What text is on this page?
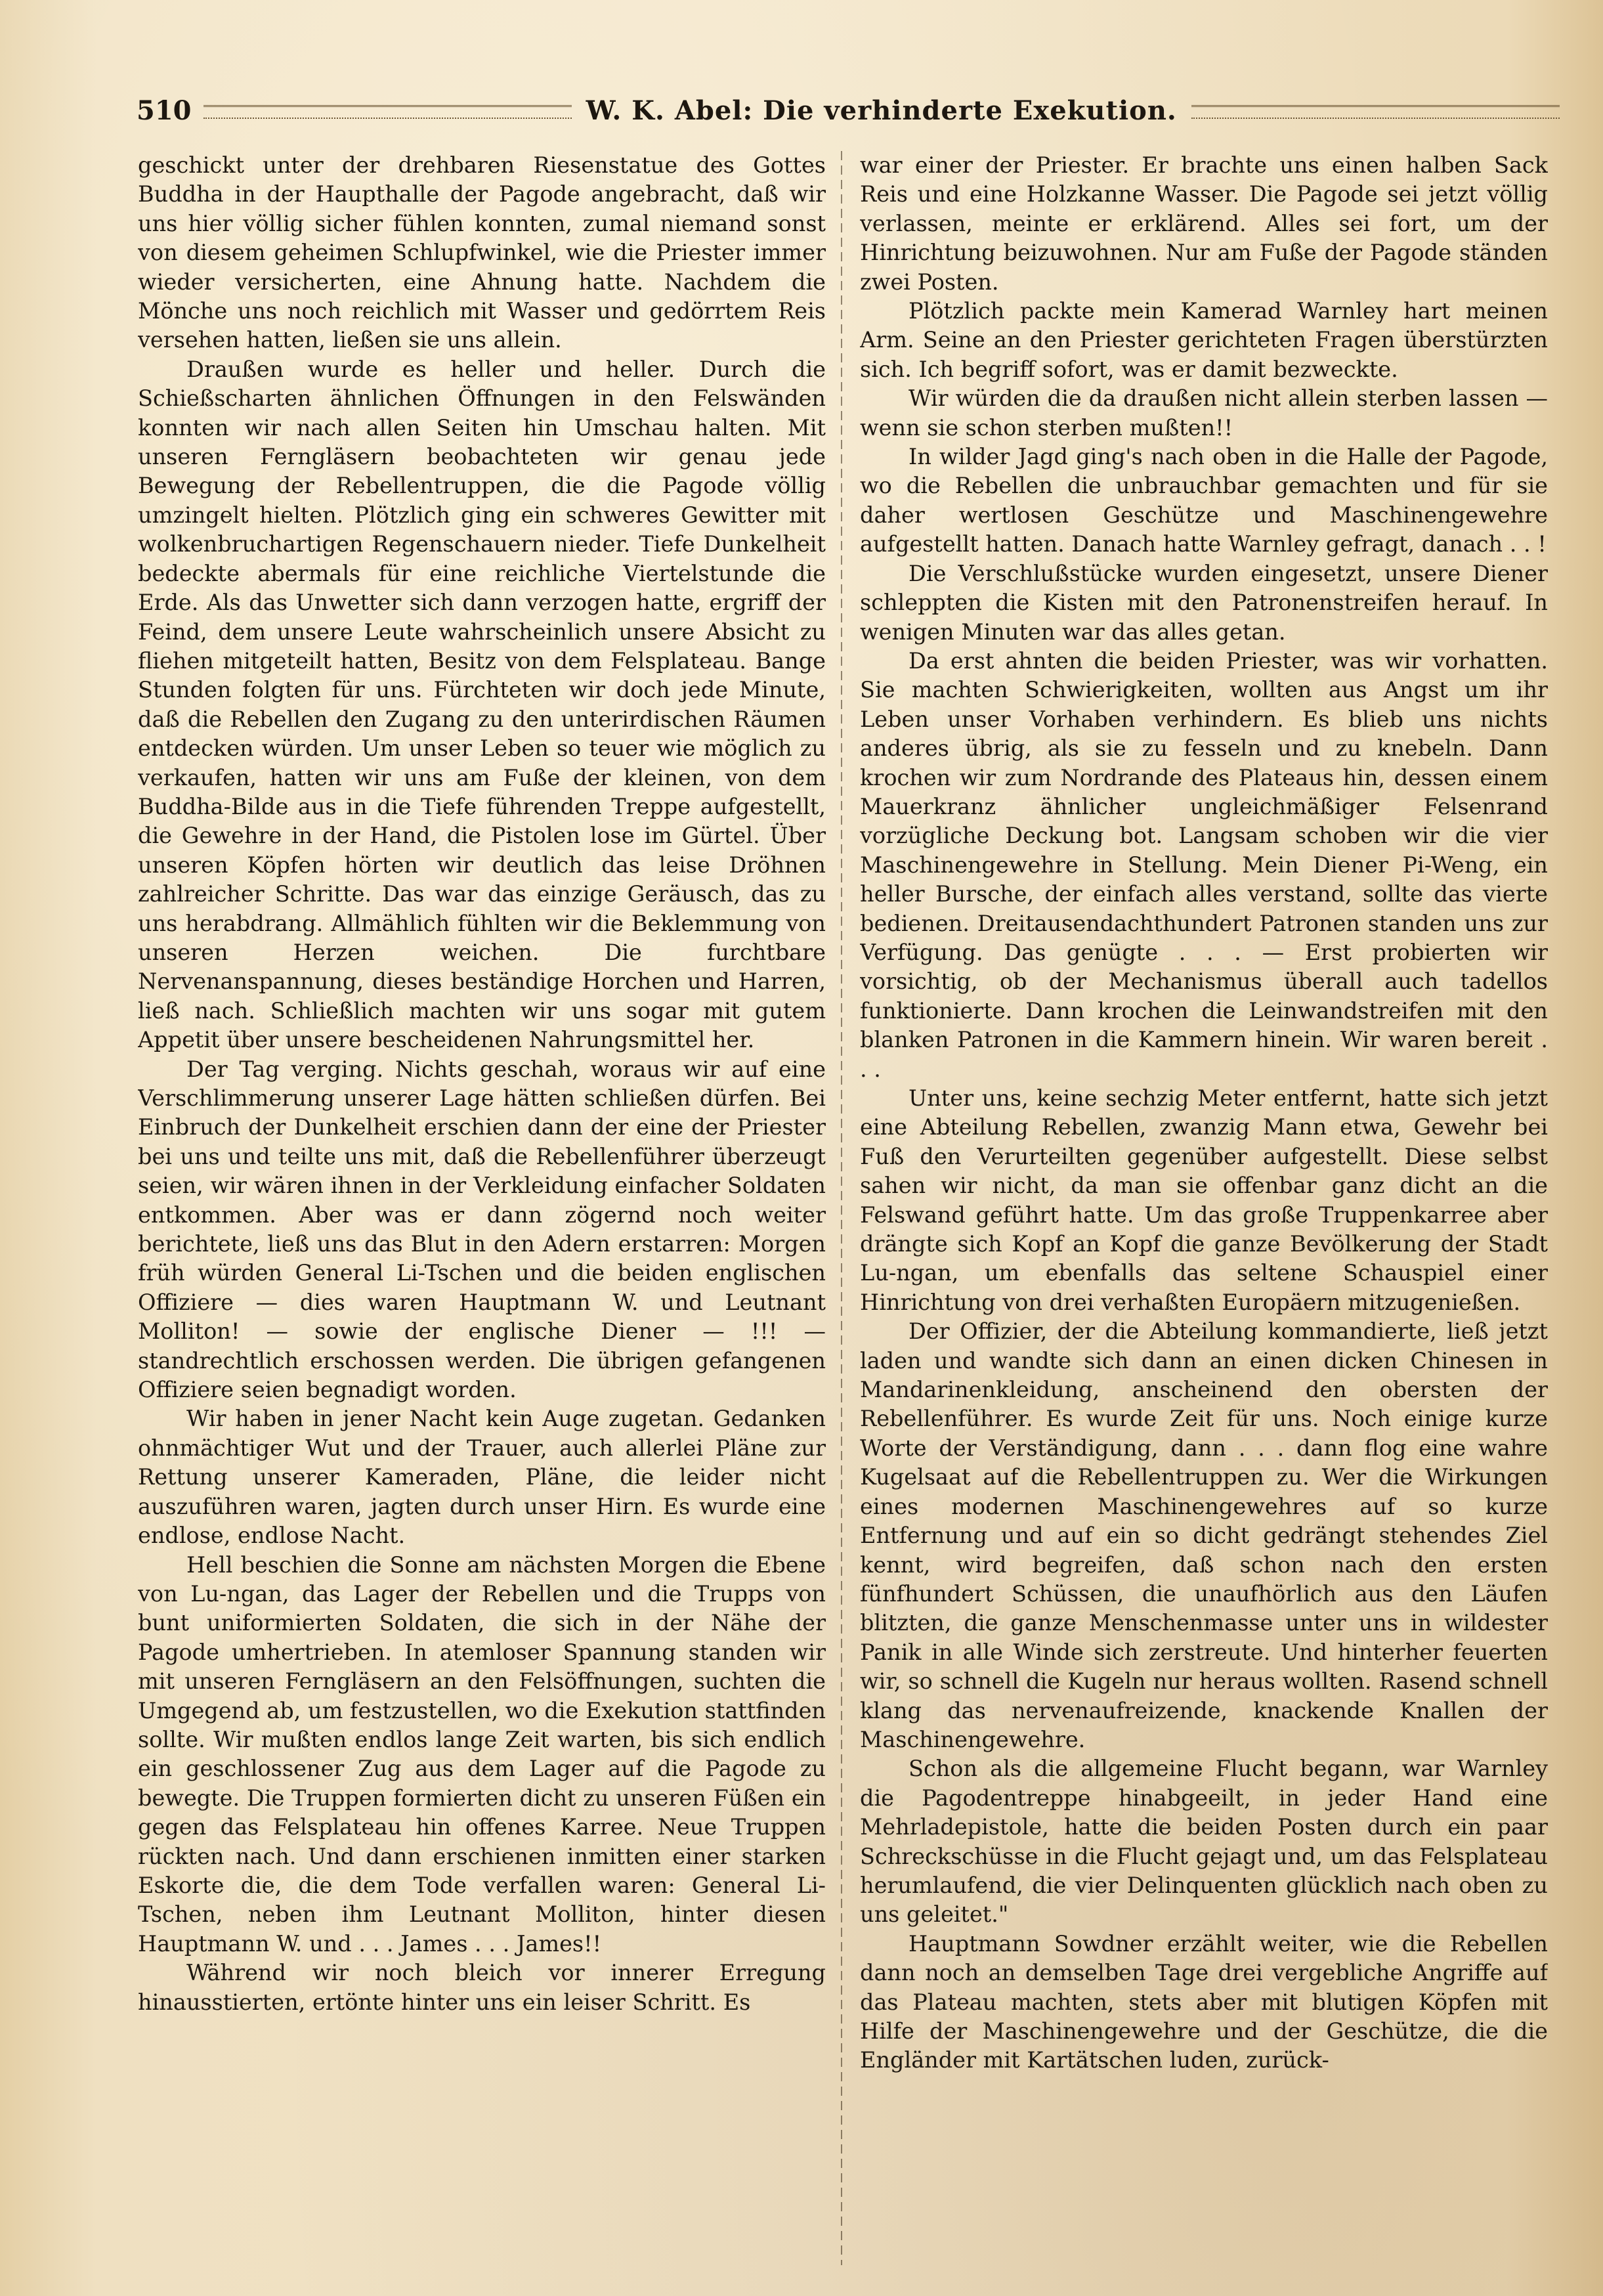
510	W. K. Abel: Die verhinderte Exekution.

geschickt unter der drehbaren Riesenstatue des Gottes Buddha in der Haupthalle der Pagode angebracht, daß wir uns hier völlig sicher fühlen konnten, zumal niemand sonst von diesem geheimen Schlupfwinkel, wie die Priester immer wieder versicherten, eine Ahnung hatte. Nachdem die Mönche uns noch reichlich mit Wasser und gedörrtem Reis versehen hatten, ließen sie uns allein.

Draußen wurde es heller und heller. Durch die Schießscharten ähnlichen Öffnungen in den Felswänden konnten wir nach allen Seiten hin Umschau halten. Mit unseren Ferngläsern beobachteten wir genau jede Bewegung der Rebellentruppen, die die Pagode völlig umzingelt hielten. Plötzlich ging ein schweres Gewitter mit wolkenbruchartigen Regenschauern nieder. Tiefe Dunkelheit bedeckte abermals für eine reichliche Viertelstunde die Erde. Als das Unwetter sich dann verzogen hatte, ergriff der Feind, dem unsere Leute wahrscheinlich unsere Absicht zu fliehen mitgeteilt hatten, Besitz von dem Felsplateau. Bange Stunden folgten für uns. Fürchteten wir doch jede Minute, daß die Rebellen den Zugang zu den unterirdischen Räumen entdecken würden. Um unser Leben so teuer wie möglich zu verkaufen, hatten wir uns am Fuße der kleinen, von dem Buddha-Bilde aus in die Tiefe führenden Treppe aufgestellt, die Gewehre in der Hand, die Pistolen lose im Gürtel. Über unseren Köpfen hörten wir deutlich das leise Dröhnen zahlreicher Schritte. Das war das einzige Geräusch, das zu uns herabdrang. Allmählich fühlten wir die Beklemmung von unseren Herzen weichen. Die furchtbare Nervenanspannung, dieses beständige Horchen und Harren, ließ nach. Schließlich machten wir uns sogar mit gutem Appetit über unsere bescheidenen Nahrungsmittel her.

Der Tag verging. Nichts geschah, woraus wir auf eine Verschlimmerung unserer Lage hätten schließen dürfen. Bei Einbruch der Dunkelheit erschien dann der eine der Priester bei uns und teilte uns mit, daß die Rebellenführer überzeugt seien, wir wären ihnen in der Verkleidung einfacher Soldaten entkommen. Aber was er dann zögernd noch weiter berichtete, ließ uns das Blut in den Adern erstarren: Morgen früh würden General Li-Tschen und die beiden englischen Offiziere — dies waren Hauptmann W. und Leutnant Molliton! — sowie der englische Diener — !!! — standrechtlich erschossen werden. Die übrigen gefangenen Offiziere seien begnadigt worden.

Wir haben in jener Nacht kein Auge zugetan. Gedanken ohnmächtiger Wut und der Trauer, auch allerlei Pläne zur Rettung unserer Kameraden, Pläne, die leider nicht auszuführen waren, jagten durch unser Hirn. Es wurde eine endlose, endlose Nacht.

Hell beschien die Sonne am nächsten Morgen die Ebene von Lu-ngan, das Lager der Rebellen und die Trupps von bunt uniformierten Soldaten, die sich in der Nähe der Pagode umhertrieben. In atemloser Spannung standen wir mit unseren Ferngläsern an den Felsöffnungen, suchten die Umgegend ab, um festzustellen, wo die Exekution stattfinden sollte. Wir mußten endlos lange Zeit warten, bis sich endlich ein geschlossener Zug aus dem Lager auf die Pagode zu bewegte. Die Truppen formierten dicht zu unseren Füßen ein gegen das Felsplateau hin offenes Karree. Neue Truppen rückten nach. Und dann erschienen inmitten einer starken Eskorte die, die dem Tode verfallen waren: General Li-Tschen, neben ihm Leutnant Molliton, hinter diesen Hauptmann W. und . . . James . . . James!!

Während wir noch bleich vor innerer Erregung hinausstierten, ertönte hinter uns ein leiser Schritt. Es

war einer der Priester. Er brachte uns einen halben Sack Reis und eine Holzkanne Wasser. Die Pagode sei jetzt völlig verlassen, meinte er erklärend. Alles sei fort, um der Hinrichtung beizuwohnen. Nur am Fuße der Pagode ständen zwei Posten.

Plötzlich packte mein Kamerad Warnley hart meinen Arm. Seine an den Priester gerichteten Fragen überstürzten sich. Ich begriff sofort, was er damit bezweckte.

Wir würden die da draußen nicht allein sterben lassen — wenn sie schon sterben mußten!!

In wilder Jagd ging's nach oben in die Halle der Pagode, wo die Rebellen die unbrauchbar gemachten und für sie daher wertlosen Geschütze und Maschinengewehre aufgestellt hatten. Danach hatte Warnley gefragt, danach . . !

Die Verschlußstücke wurden eingesetzt, unsere Diener schleppten die Kisten mit den Patronenstreifen herauf. In wenigen Minuten war das alles getan.

Da erst ahnten die beiden Priester, was wir vorhatten. Sie machten Schwierigkeiten, wollten aus Angst um ihr Leben unser Vorhaben verhindern. Es blieb uns nichts anderes übrig, als sie zu fesseln und zu knebeln. Dann krochen wir zum Nordrande des Plateaus hin, dessen einem Mauerkranz ähnlicher ungleichmäßiger Felsenrand vorzügliche Deckung bot. Langsam schoben wir die vier Maschinengewehre in Stellung. Mein Diener Pi-Weng, ein heller Bursche, der einfach alles verstand, sollte das vierte bedienen. Dreitausendachthundert Patronen standen uns zur Verfügung. Das genügte . . . — Erst probierten wir vorsichtig, ob der Mechanismus überall auch tadellos funktionierte. Dann krochen die Leinwandstreifen mit den blanken Patronen in die Kammern hinein. Wir waren bereit . . .

Unter uns, keine sechzig Meter entfernt, hatte sich jetzt eine Abteilung Rebellen, zwanzig Mann etwa, Gewehr bei Fuß den Verurteilten gegenüber aufgestellt. Diese selbst sahen wir nicht, da man sie offenbar ganz dicht an die Felswand geführt hatte. Um das große Truppenkarree aber drängte sich Kopf an Kopf die ganze Bevölkerung der Stadt Lu-ngan, um ebenfalls das seltene Schauspiel einer Hinrichtung von drei verhaßten Europäern mitzugenießen.

Der Offizier, der die Abteilung kommandierte, ließ jetzt laden und wandte sich dann an einen dicken Chinesen in Mandarinenkleidung, anscheinend den obersten der Rebellenführer. Es wurde Zeit für uns. Noch einige kurze Worte der Verständigung, dann . . . dann flog eine wahre Kugelsaat auf die Rebellentruppen zu. Wer die Wirkungen eines modernen Maschinengewehres auf so kurze Entfernung und auf ein so dicht gedrängt stehendes Ziel kennt, wird begreifen, daß schon nach den ersten fünfhundert Schüssen, die unaufhörlich aus den Läufen blitzten, die ganze Menschenmasse unter uns in wildester Panik in alle Winde sich zerstreute. Und hinterher feuerten wir, so schnell die Kugeln nur heraus wollten. Rasend schnell klang das nervenaufreizende, knackende Knallen der Maschinengewehre.

Schon als die allgemeine Flucht begann, war Warnley die Pagodentreppe hinabgeeilt, in jeder Hand eine Mehrladepistole, hatte die beiden Posten durch ein paar Schreckschüsse in die Flucht gejagt und, um das Felsplateau herumlaufend, die vier Delinquenten glücklich nach oben zu uns geleitet."

Hauptmann Sowdner erzählt weiter, wie die Rebellen dann noch an demselben Tage drei vergebliche Angriffe auf das Plateau machten, stets aber mit blutigen Köpfen mit Hilfe der Maschinengewehre und der Geschütze, die die Engländer mit Kartätschen luden, zurück-
